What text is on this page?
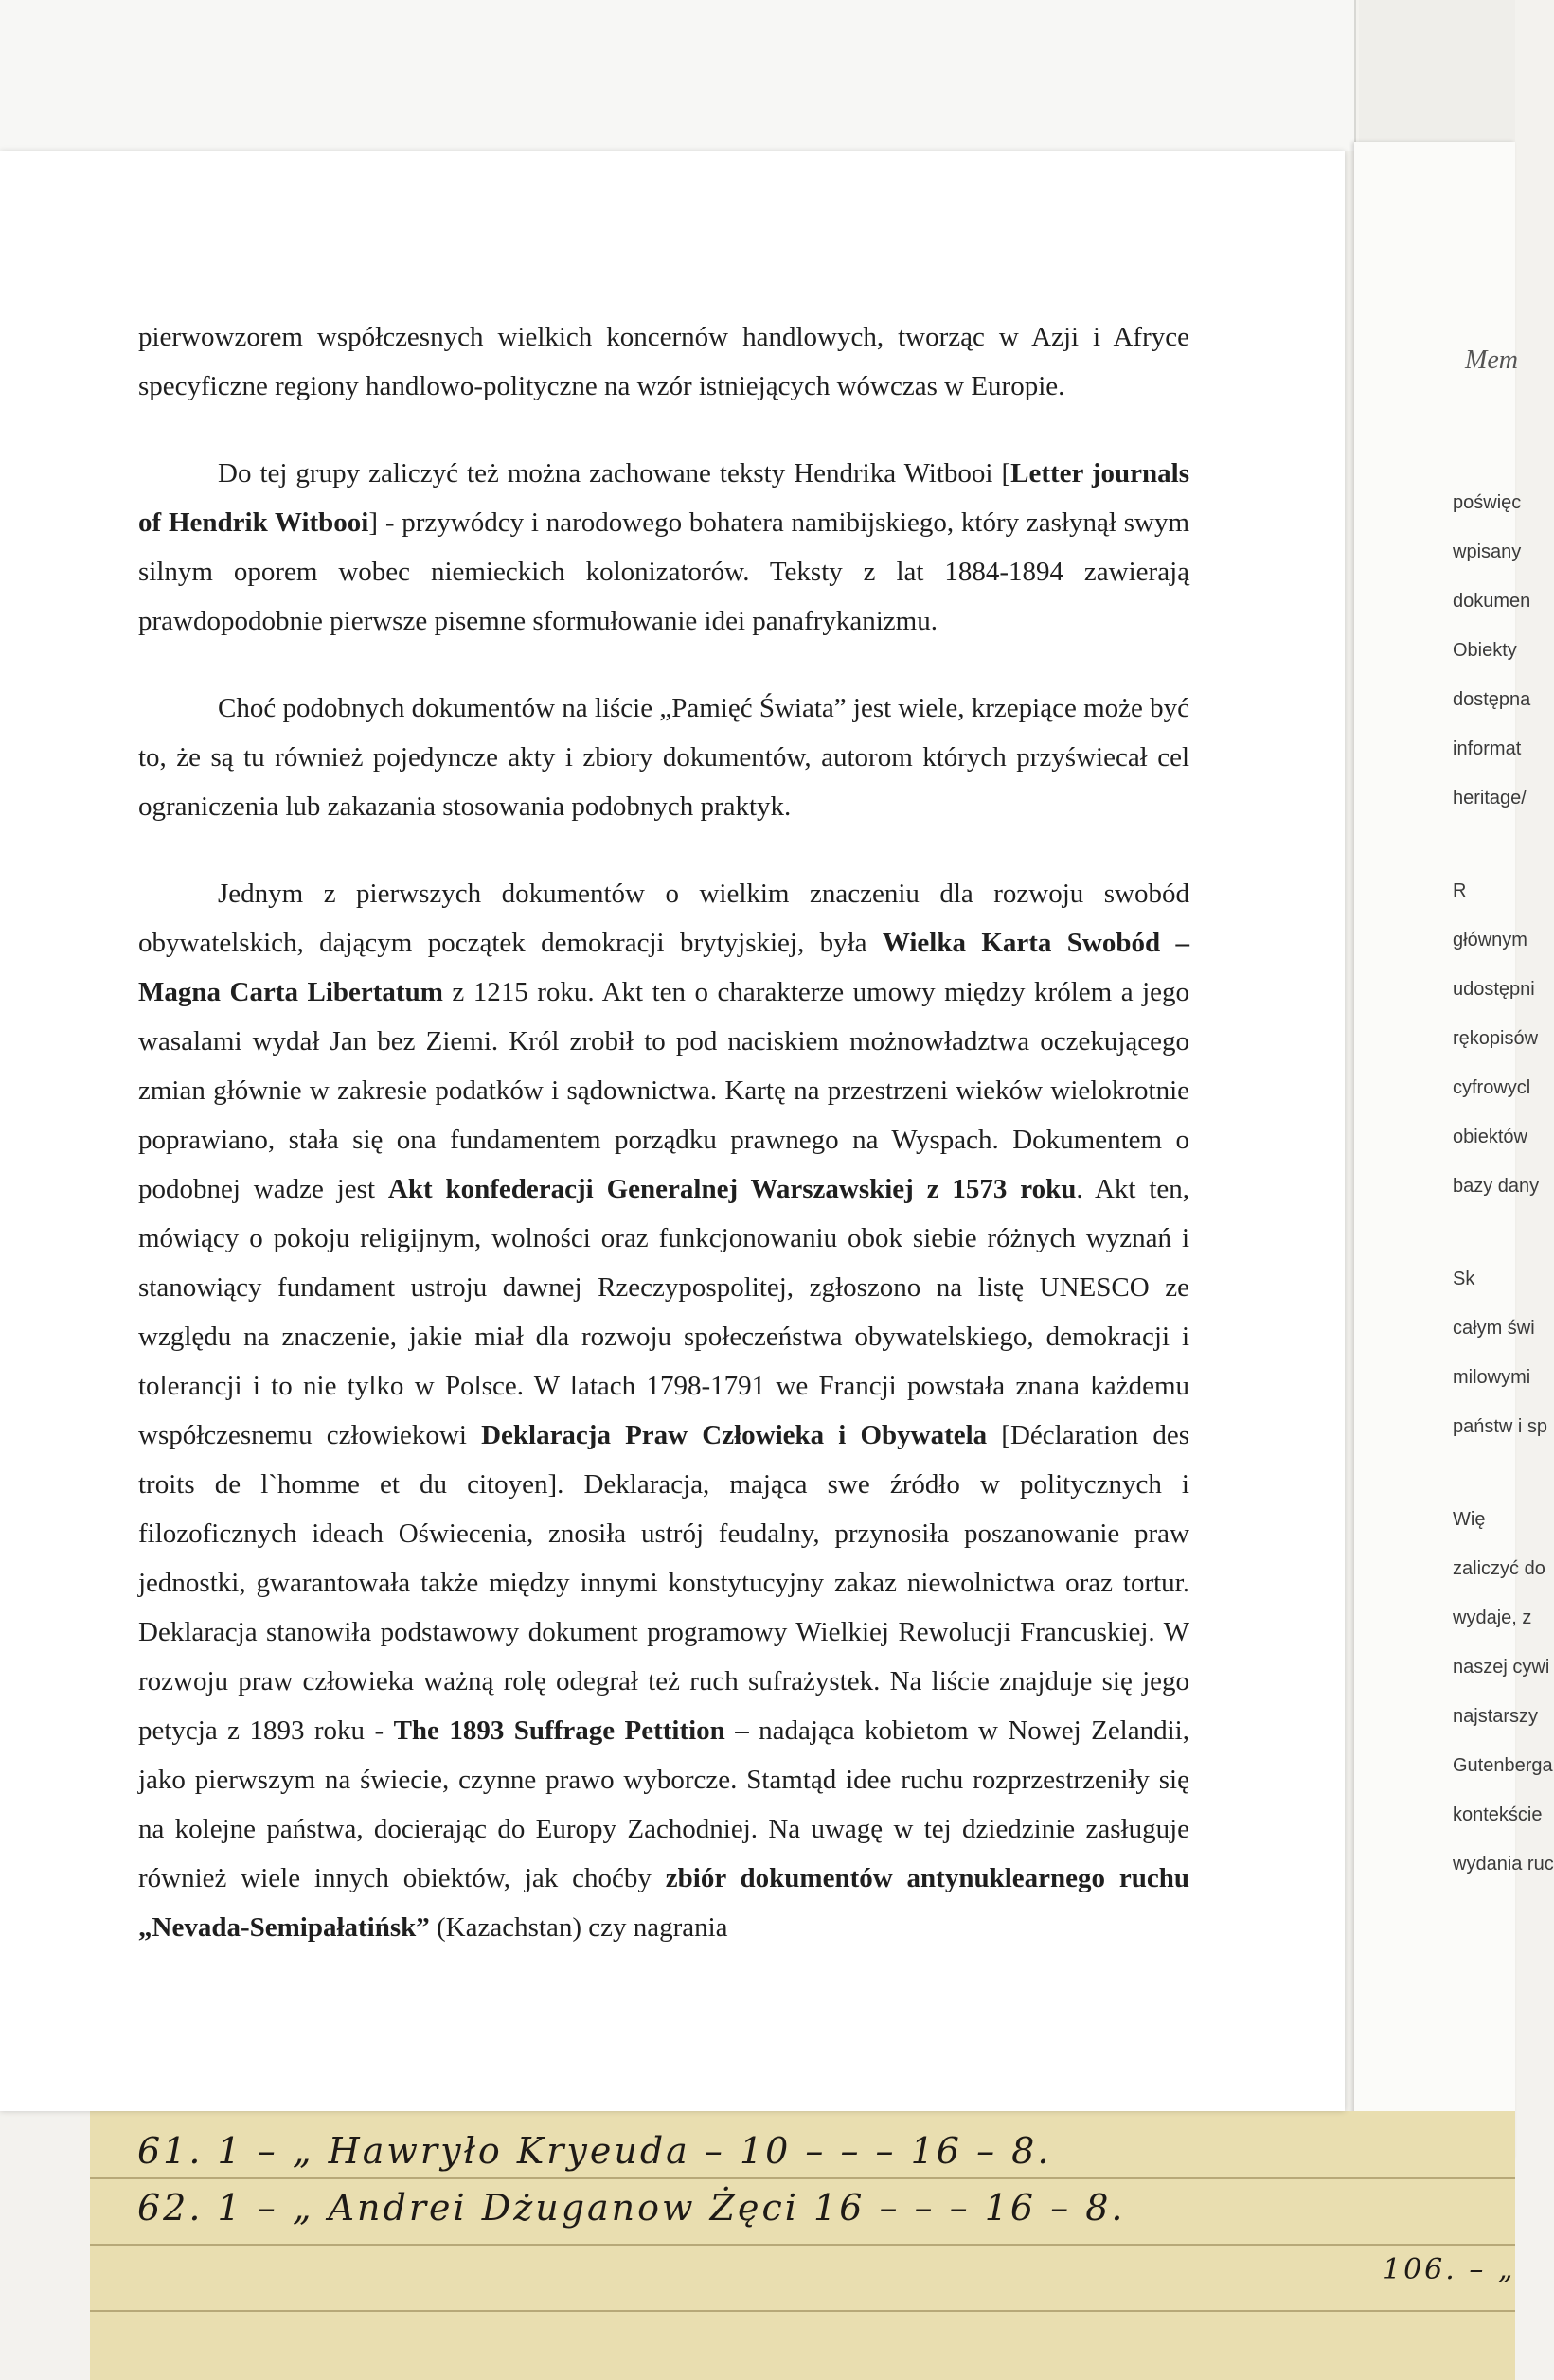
Mem
poświęc
wpisany
dokumen
Obiekty
dostępna
informat
heritage/
R
głównym
udostępni
rękopisów
cyfrowycl
obiektów
bazy dany
Sk
całym świ
milowymi
państw i sp
Wię
zaliczyć do
wydaje, z
naszej cywi
najstarszy
Gutenberga
kontekście
wydania ruc
61. 1 – „ Hawryło Kryeuda – 10 – – – 16 – 8.
62. 1 – „ Andrei Dżuganow Żęci 16 – – – 16 – 8.
106. – „

pierwowzorem współczesnych wielkich koncernów handlowych, tworząc w Azji i Afryce specyficzne regiony handlowo-polityczne na wzór istniejących wówczas w Europie.

Do tej grupy zaliczyć też można zachowane teksty Hendrika Witbooi [Letter journals of Hendrik Witbooi] - przywódcy i narodowego bohatera namibijskiego, który zasłynął swym silnym oporem wobec niemieckich kolonizatorów. Teksty z lat 1884-1894 zawierają prawdopodobnie pierwsze pisemne sformułowanie idei panafrykanizmu.

Choć podobnych dokumentów na liście „Pamięć Świata” jest wiele, krzepiące może być to, że są tu również pojedyncze akty i zbiory dokumentów, autorom których przyświecał cel ograniczenia lub zakazania stosowania podobnych praktyk.

Jednym z pierwszych dokumentów o wielkim znaczeniu dla rozwoju swobód obywatelskich, dającym początek demokracji brytyjskiej, była Wielka Karta Swobód – Magna Carta Libertatum z 1215 roku. Akt ten o charakterze umowy między królem a jego wasalami wydał Jan bez Ziemi. Król zrobił to pod naciskiem możnowładztwa oczekującego zmian głównie w zakresie podatków i sądownictwa. Kartę na przestrzeni wieków wielokrotnie poprawiano, stała się ona fundamentem porządku prawnego na Wyspach. Dokumentem o podobnej wadze jest Akt konfederacji Generalnej Warszawskiej z 1573 roku. Akt ten, mówiący o pokoju religijnym, wolności oraz funkcjonowaniu obok siebie różnych wyznań i stanowiący fundament ustroju dawnej Rzeczypospolitej, zgłoszono na listę UNESCO ze względu na znaczenie, jakie miał dla rozwoju społeczeństwa obywatelskiego, demokracji i tolerancji i to nie tylko w Polsce. W latach 1798-1791 we Francji powstała znana każdemu współczesnemu człowiekowi Deklaracja Praw Człowieka i Obywatela [Déclaration des troits de l`homme et du citoyen]. Deklaracja, mająca swe źródło w politycznych i filozoficznych ideach Oświecenia, znosiła ustrój feudalny, przynosiła poszanowanie praw jednostki, gwarantowała także między innymi konstytucyjny zakaz niewolnictwa oraz tortur. Deklaracja stanowiła podstawowy dokument programowy Wielkiej Rewolucji Francuskiej. W rozwoju praw człowieka ważną rolę odegrał też ruch sufrażystek. Na liście znajduje się jego petycja z 1893 roku - The 1893 Suffrage Pettition – nadająca kobietom w Nowej Zelandii, jako pierwszym na świecie, czynne prawo wyborcze. Stamtąd idee ruchu rozprzestrzeniły się na kolejne państwa, docierając do Europy Zachodniej. Na uwagę w tej dziedzinie zasługuje również wiele innych obiektów, jak choćby zbiór dokumentów antynuklearnego ruchu „Nevada-Semipałatińsk” (Kazachstan) czy nagrania
